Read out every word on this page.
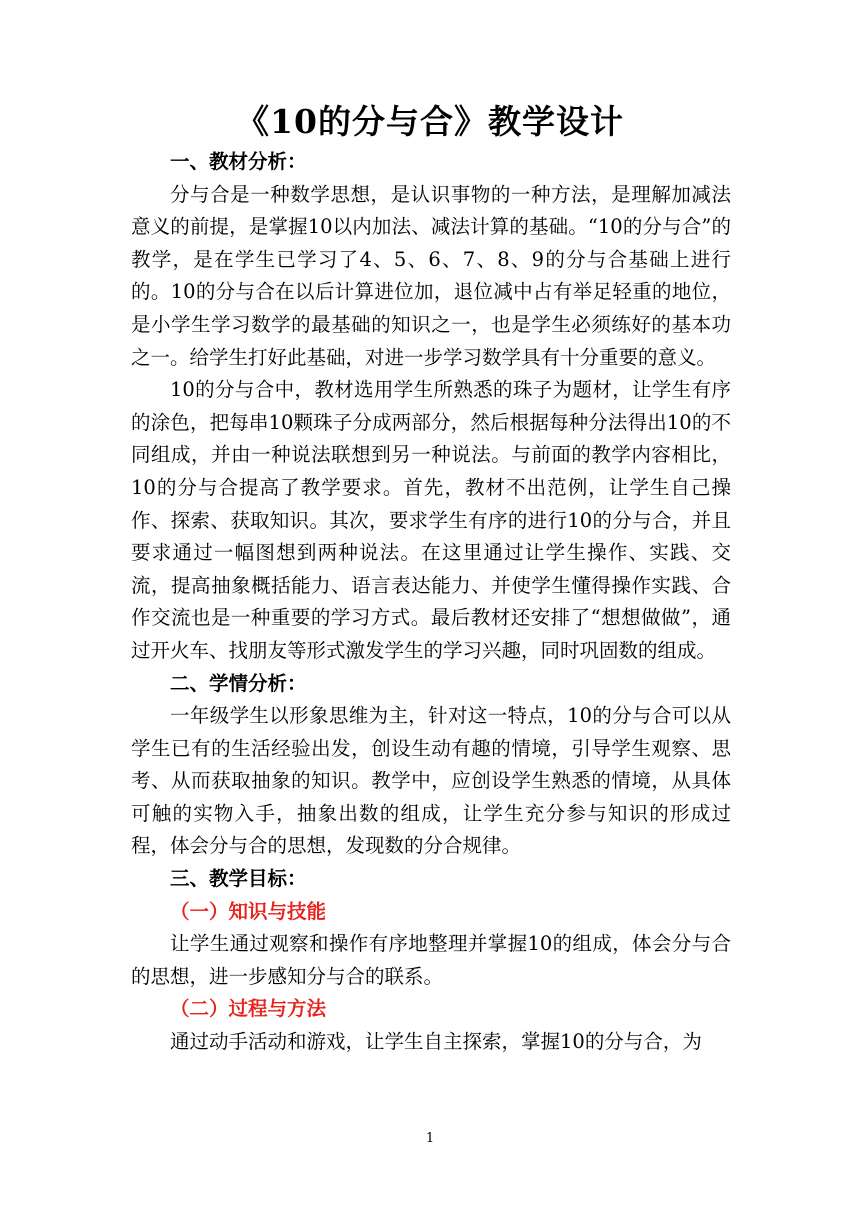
《10的分与合》教学设计

一、教材分析：

分与合是一种数学思想，是认识事物的一种方法，是理解加减法意义的前提，是掌握10以内加法、减法计算的基础。“10的分与合”的教学，是在学生已学习了4、5、6、7、8、9的分与合基础上进行的。10的分与合在以后计算进位加，退位减中占有举足轻重的地位，是小学生学习数学的最基础的知识之一，也是学生必须练好的基本功之一。给学生打好此基础，对进一步学习数学具有十分重要的意义。

10的分与合中，教材选用学生所熟悉的珠子为题材，让学生有序的涂色，把每串10颗珠子分成两部分，然后根据每种分法得出10的不同组成，并由一种说法联想到另一种说法。与前面的教学内容相比，10的分与合提高了教学要求。首先，教材不出范例，让学生自己操作、探索、获取知识。其次，要求学生有序的进行10的分与合，并且要求通过一幅图想到两种说法。在这里通过让学生操作、实践、交流，提高抽象概括能力、语言表达能力、并使学生懂得操作实践、合作交流也是一种重要的学习方式。最后教材还安排了“想想做做”，通过开火车、找朋友等形式激发学生的学习兴趣，同时巩固数的组成。

二、学情分析：

一年级学生以形象思维为主，针对这一特点，10的分与合可以从学生已有的生活经验出发，创设生动有趣的情境，引导学生观察、思考、从而获取抽象的知识。教学中，应创设学生熟悉的情境，从具体可触的实物入手，抽象出数的组成，让学生充分参与知识的形成过程，体会分与合的思想，发现数的分合规律。

三、教学目标：

（一）知识与技能

让学生通过观察和操作有序地整理并掌握10的组成，体会分与合的思想，进一步感知分与合的联系。

（二）过程与方法

通过动手活动和游戏，让学生自主探索，掌握10的分与合，为

1
